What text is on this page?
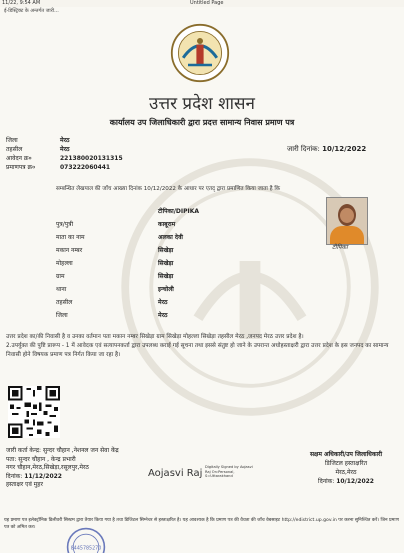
11/22, 9:54 AM	Untitled Page
ई-डिस्ट्रिक्ट के अन्तर्गत जारी...
उत्तर प्रदेश शासन
कार्यालय उप जिलाधिकारी द्वारा प्रदत्त सामान्य निवास प्रमाण पत्र
जिला	मेरठ
तहसील	मेरठ
आवेदन क्र०	221380020131315
प्रमाणपत्र क्र०	073222060441
जारी दिनांक: 10/12/2022
सम्बन्धित लेखपाल की जाँच आख्या दिनांक 10/12/2022 के आधार पर एतद् द्वारा प्रमाणित किया जाता है कि
टीपिका/DIPIKA
पुत्र/पुत्री	काबूराम
माता का नाम	अलका देवी
मकान नम्बर	सिखेड़ा
मोहल्ला	सिखेड़ा
ग्राम	सिखेड़ा
थाना	इन्चोली
तहसील	मेरठ
जिला	मेरठ
टीपिका
उत्तर प्रदेश का/की निवासी है व उनका वर्तमान पता मकान नम्बर सिखेड़ा ग्राम सिखेड़ा मोहल्ला सिखेड़ा तहसील मेरठ ,जनपद मेरठ उत्तर प्रदेश है।
2.उपर्युक्त की पुष्टि प्रारूप - 1 में आवेदक एवं सत्यापनकर्ता द्वारा उपलब्ध कराई गई सूचना तथा इससे संतुष्ट हो जाने के उपरान्त अधोहस्ताक्षरी द्वारा उत्तर प्रदेश के इस जनपद का सामान्य निवासी होने विषयक प्रमाण पत्र निर्गत किया जा रहा है।
जारी कर्ता केन्द्र: सुन्दर चौहान ,नेशनल जन सेवा केंद्र
पता: सुन्दर चौहान , केन्द्र प्रभारी
नगर चौहान,मेरठ,सिखेड़ा,रसूलपुर,मेरठ
दिनांक: 11/12/2022
हस्ताक्षर एवं मुहर
Aojasvi Raj
Digitally Signed by Aojasvi
Raj On:Personal,
S=Uttarakhand
सक्षम अधिकारी/उप जिलाधिकारी
डिजिटल हस्ताक्षरित
मेरठ,मेरठ
दिनांक: 10/12/2022
यह प्रमाण पत्र इलेक्ट्रॉनिक डिलीवरी सिस्टम द्वारा तैयार किया गया है तथा डिजिटल सिग्नेचर से हस्ताक्षरित है। यह आवश्यक है कि प्रमाण पत्र की वैधता की जाँच वेबसाइट http://edistrict.up.gov.in पर करना सुनिश्चित करें। जिन प्रमाण पत्र को अमित कर।
8445785270
